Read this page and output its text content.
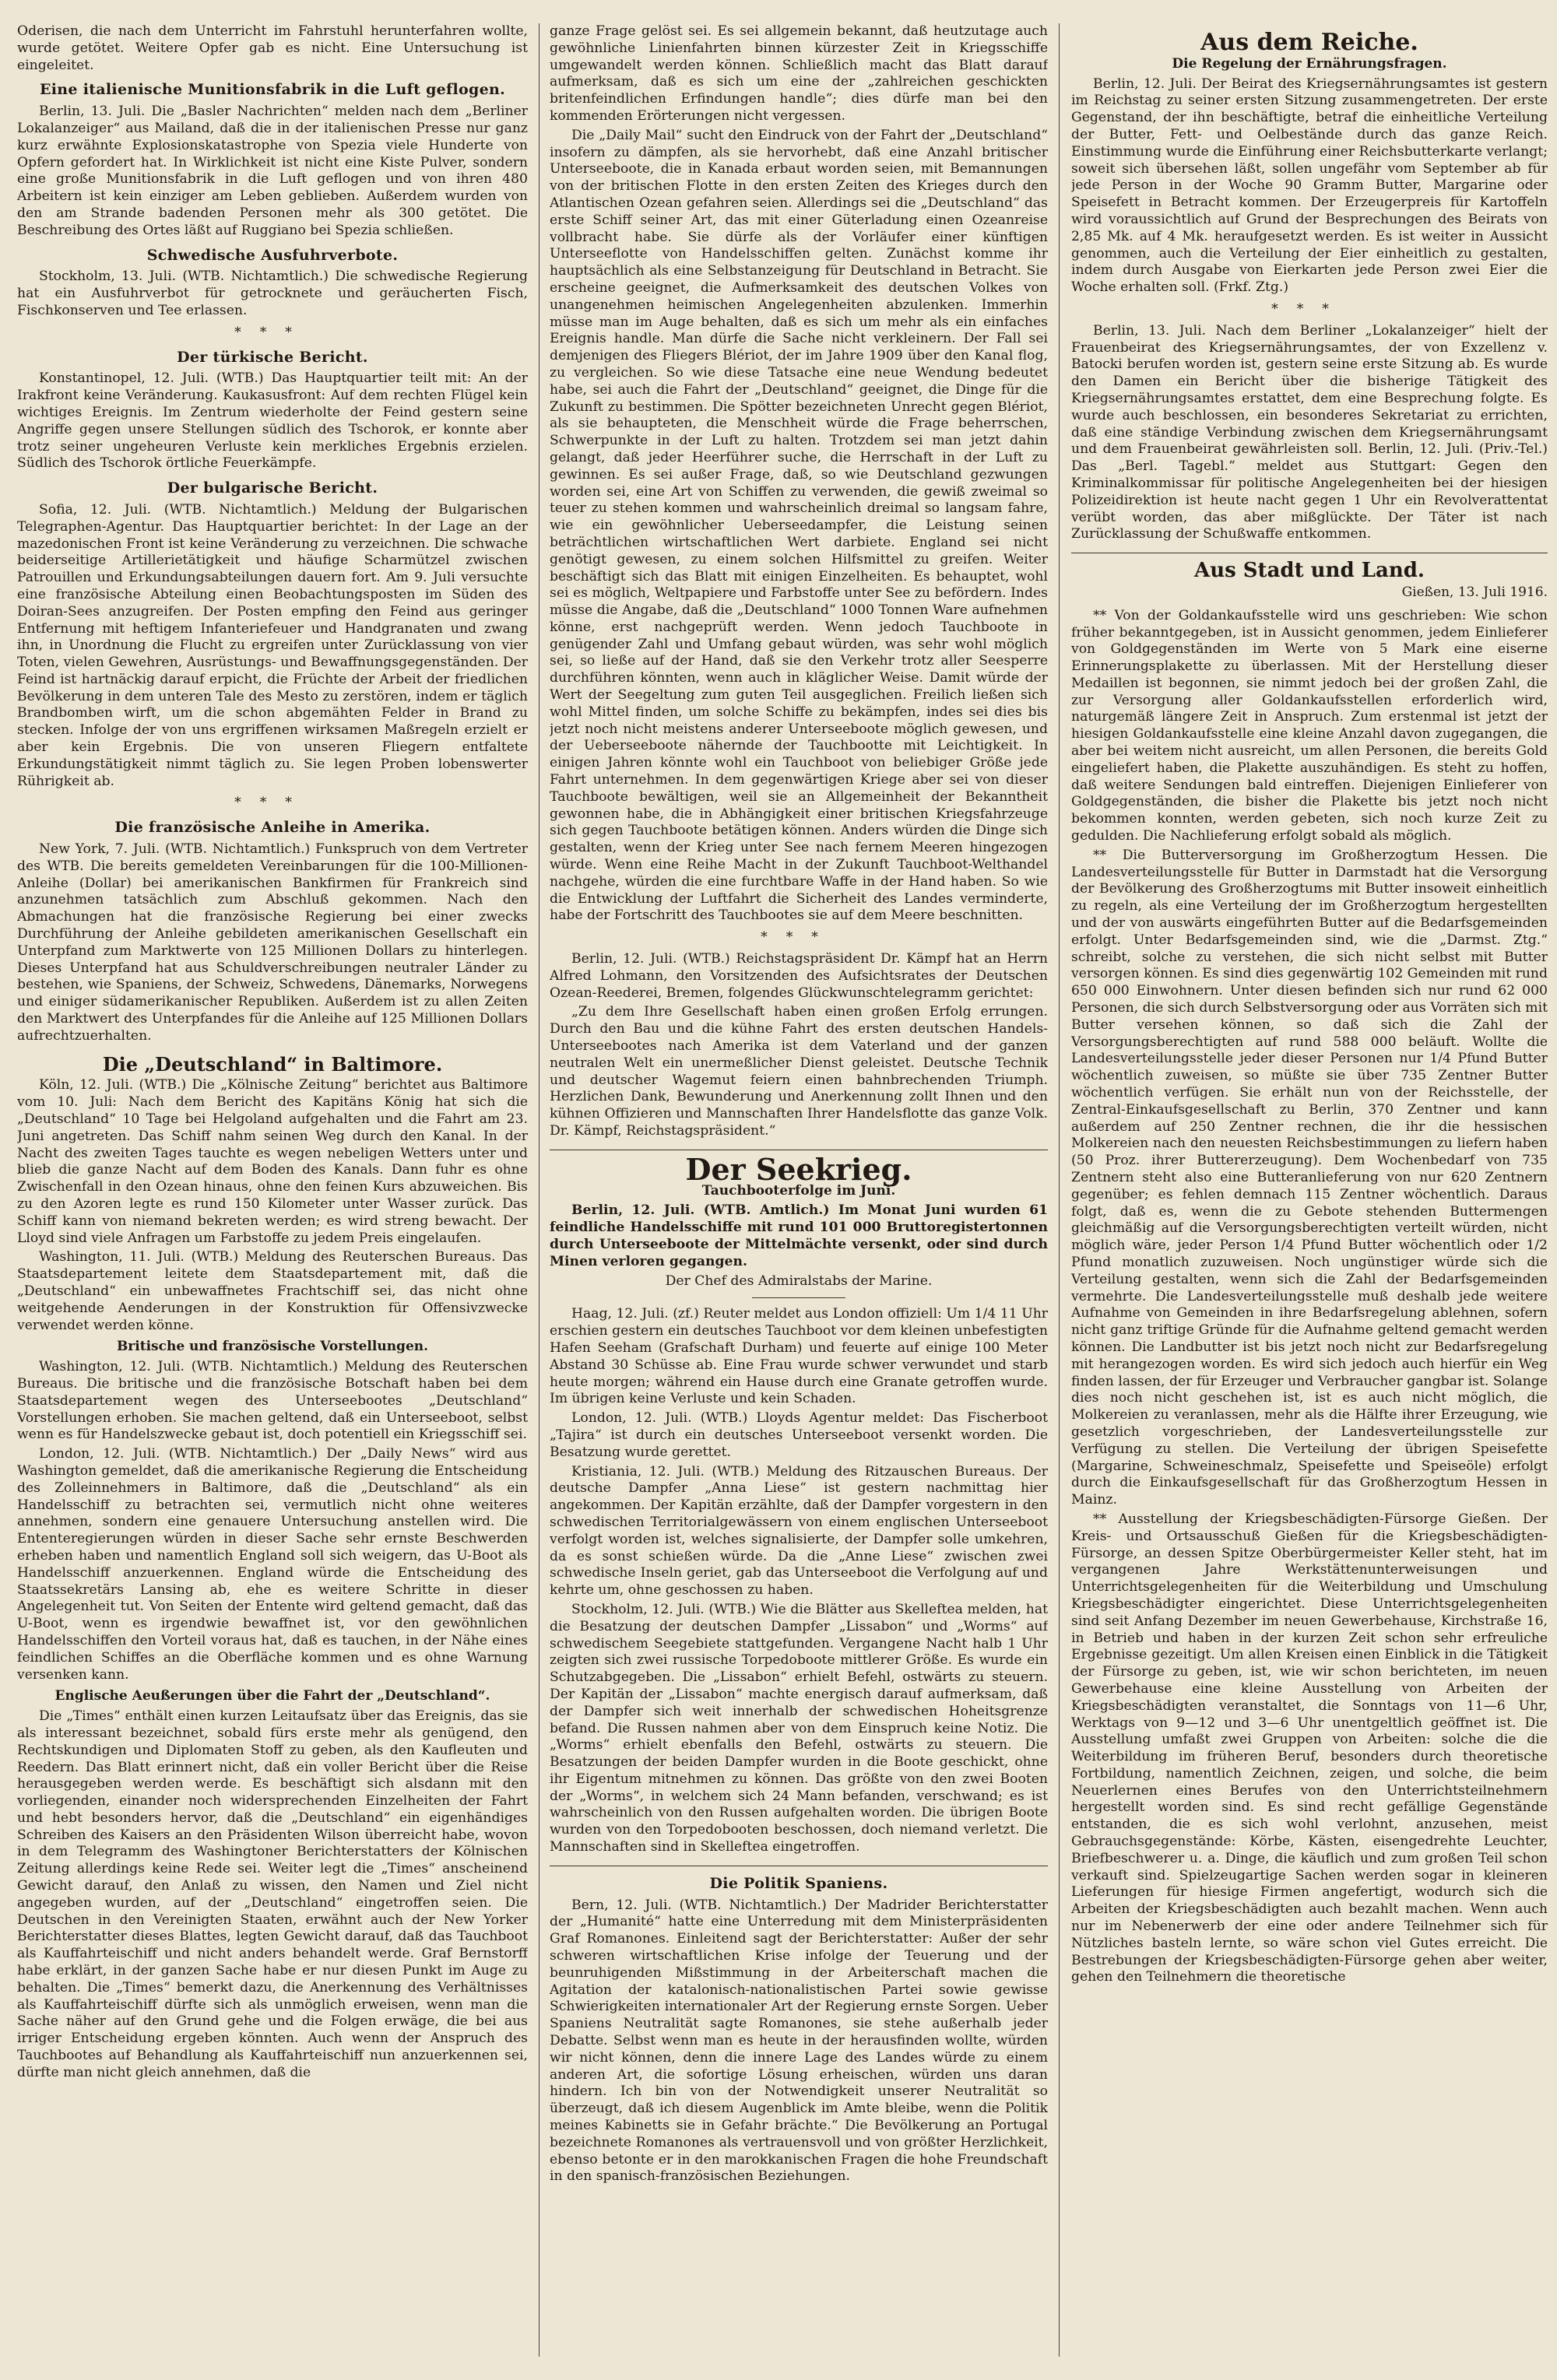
Oderisen, die nach dem Unterricht im Fahrstuhl herunterfahren wollte, wurde getötet. Weitere Opfer gab es nicht. Eine Untersuchung ist eingeleitet.

Eine italienische Munitionsfabrik in die Luft geflogen.

Berlin, 13. Juli. Die „Basler Nachrichten“ melden nach dem „Berliner Lokalanzeiger“ aus Mailand, daß die in der italienischen Presse nur ganz kurz erwähnte Explosionskatastrophe von Spezia viele Hunderte von Opfern gefordert hat. In Wirklichkeit ist nicht eine Kiste Pulver, sondern eine große Munitionsfabrik in die Luft geflogen und von ihren 480 Arbeitern ist kein einziger am Leben geblieben. Außerdem wurden von den am Strande badenden Personen mehr als 300 getötet. Die Beschreibung des Ortes läßt auf Ruggiano bei Spezia schließen.

Schwedische Ausfuhrverbote.

Stockholm, 13. Juli. (WTB. Nichtamtlich.) Die schwedische Regierung hat ein Ausfuhrverbot für getrocknete und geräucherten Fisch, Fischkonserven und Tee erlassen.

***
Der türkische Bericht.

Konstantinopel, 12. Juli. (WTB.) Das Hauptquartier teilt mit: An der Irakfront keine Veränderung. Kaukasusfront: Auf dem rechten Flügel kein wichtiges Ereignis. Im Zentrum wiederholte der Feind gestern seine Angriffe gegen unsere Stellungen südlich des Tschorok, er konnte aber trotz seiner ungeheuren Verluste kein merkliches Ergebnis erzielen. Südlich des Tschorok örtliche Feuerkämpfe.

Der bulgarische Bericht.

Sofia, 12. Juli. (WTB. Nichtamtlich.) Meldung der Bulgarischen Telegraphen-Agentur. Das Hauptquartier berichtet: In der Lage an der mazedonischen Front ist keine Veränderung zu verzeichnen. Die schwache beiderseitige Artillerietätigkeit und häufige Scharmützel zwischen Patrouillen und Erkundungsabteilungen dauern fort. Am 9. Juli versuchte eine französische Abteilung einen Beobachtungsposten im Süden des Doiran-Sees anzugreifen. Der Posten empfing den Feind aus geringer Entfernung mit heftigem Infanteriefeuer und Handgranaten und zwang ihn, in Unordnung die Flucht zu ergreifen unter Zurücklassung von vier Toten, vielen Gewehren, Ausrüstungs- und Bewaffnungsgegenständen. Der Feind ist hartnäckig darauf erpicht, die Früchte der Arbeit der friedlichen Bevölkerung in dem unteren Tale des Mesto zu zerstören, indem er täglich Brandbomben wirft, um die schon abgemähten Felder in Brand zu stecken. Infolge der von uns ergriffenen wirksamen Maßregeln erzielt er aber kein Ergebnis. Die von unseren Fliegern entfaltete Erkundungstätigkeit nimmt täglich zu. Sie legen Proben lobenswerter Rührigkeit ab.

***
Die französische Anleihe in Amerika.

New York, 7. Juli. (WTB. Nichtamtlich.) Funkspruch von dem Vertreter des WTB. Die bereits gemeldeten Vereinbarungen für die 100-Millionen-Anleihe (Dollar) bei amerikanischen Bankfirmen für Frankreich sind anzunehmen tatsächlich zum Abschluß gekommen. Nach den Abmachungen hat die französische Regierung bei einer zwecks Durchführung der Anleihe gebildeten amerikanischen Gesellschaft ein Unterpfand zum Marktwerte von 125 Millionen Dollars zu hinterlegen. Dieses Unterpfand hat aus Schuldverschreibungen neutraler Länder zu bestehen, wie Spaniens, der Schweiz, Schwedens, Dänemarks, Norwegens und einiger südamerikanischer Republiken. Außerdem ist zu allen Zeiten den Marktwert des Unterpfandes für die Anleihe auf 125 Millionen Dollars aufrechtzuerhalten.

Die „Deutschland“ in Baltimore.

Köln, 12. Juli. (WTB.) Die „Kölnische Zeitung“ berichtet aus Baltimore vom 10. Juli: Nach dem Bericht des Kapitäns König hat sich die „Deutschland“ 10 Tage bei Helgoland aufgehalten und die Fahrt am 23. Juni angetreten. Das Schiff nahm seinen Weg durch den Kanal. In der Nacht des zweiten Tages tauchte es wegen nebeligen Wetters unter und blieb die ganze Nacht auf dem Boden des Kanals. Dann fuhr es ohne Zwischenfall in den Ozean hinaus, ohne den feinen Kurs abzuweichen. Bis zu den Azoren legte es rund 150 Kilometer unter Wasser zurück. Das Schiff kann von niemand bekreten werden; es wird streng bewacht. Der Lloyd sind viele Anfragen um Farbstoffe zu jedem Preis eingelaufen.

Washington, 11. Juli. (WTB.) Meldung des Reuterschen Bureaus. Das Staatsdepartement leitete dem Staatsdepartement mit, daß die „Deutschland“ ein unbewaffnetes Frachtschiff sei, das nicht ohne weitgehende Aenderungen in der Konstruktion für Offensivzwecke verwendet werden könne.

Britische und französische Vorstellungen.

Washington, 12. Juli. (WTB. Nichtamtlich.) Meldung des Reuterschen Bureaus. Die britische und die französische Botschaft haben bei dem Staatsdepartement wegen des Unterseebootes „Deutschland“ Vorstellungen erhoben. Sie machen geltend, daß ein Unterseeboot, selbst wenn es für Handelszwecke gebaut ist, doch potentiell ein Kriegsschiff sei.

London, 12. Juli. (WTB. Nichtamtlich.) Der „Daily News“ wird aus Washington gemeldet, daß die amerikanische Regierung die Entscheidung des Zolleinnehmers in Baltimore, daß die „Deutschland“ als ein Handelsschiff zu betrachten sei, vermutlich nicht ohne weiteres annehmen, sondern eine genauere Untersuchung anstellen wird. Die Ententeregierungen würden in dieser Sache sehr ernste Beschwerden erheben haben und namentlich England soll sich weigern, das U-Boot als Handelsschiff anzuerkennen. England würde die Entscheidung des Staatssekretärs Lansing ab, ehe es weitere Schritte in dieser Angelegenheit tut. Von Seiten der Entente wird geltend gemacht, daß das U-Boot, wenn es irgendwie bewaffnet ist, vor den gewöhnlichen Handelsschiffen den Vorteil voraus hat, daß es tauchen, in der Nähe eines feindlichen Schiffes an die Oberfläche kommen und es ohne Warnung versenken kann.

Englische Aeußerungen über die Fahrt der „Deutschland“.

Die „Times“ enthält einen kurzen Leitaufsatz über das Ereignis, das sie als interessant bezeichnet, sobald fürs erste mehr als genügend, den Rechtskundigen und Diplomaten Stoff zu geben, als den Kaufleuten und Reedern. Das Blatt erinnert nicht, daß ein voller Bericht über die Reise herausgegeben werden werde. Es beschäftigt sich alsdann mit den vorliegenden, einander noch widersprechenden Einzelheiten der Fahrt und hebt besonders hervor, daß die „Deutschland“ ein eigenhändiges Schreiben des Kaisers an den Präsidenten Wilson überreicht habe, wovon in dem Telegramm des Washingtoner Berichterstatters der Kölnischen Zeitung allerdings keine Rede sei. Weiter legt die „Times“ anscheinend Gewicht darauf, den Anlaß zu wissen, den Namen und Ziel nicht angegeben wurden, auf der „Deutschland“ eingetroffen seien. Die Deutschen in den Vereinigten Staaten, erwähnt auch der New Yorker Berichterstatter dieses Blattes, legten Gewicht darauf, daß das Tauchboot als Kauffahrteischiff und nicht anders behandelt werde. Graf Bernstorff habe erklärt, in der ganzen Sache habe er nur diesen Punkt im Auge zu behalten. Die „Times“ bemerkt dazu, die Anerkennung des Verhältnisses als Kauffahrteischiff dürfte sich als unmöglich erweisen, wenn man die Sache näher auf den Grund gehe und die Folgen erwäge, die bei aus irriger Entscheidung ergeben könnten. Auch wenn der Anspruch des Tauchbootes auf Behandlung als Kauffahrteischiff nun anzuerkennen sei, dürfte man nicht gleich annehmen, daß die

ganze Frage gelöst sei. Es sei allgemein bekannt, daß heutzutage auch gewöhnliche Linienfahrten binnen kürzester Zeit in Kriegsschiffe umgewandelt werden können. Schließlich macht das Blatt darauf aufmerksam, daß es sich um eine der „zahlreichen geschickten britenfeindlichen Erfindungen handle“; dies dürfe man bei den kommenden Erörterungen nicht vergessen.

Die „Daily Mail“ sucht den Eindruck von der Fahrt der „Deutschland“ insofern zu dämpfen, als sie hervorhebt, daß eine Anzahl britischer Unterseeboote, die in Kanada erbaut worden seien, mit Bemannungen von der britischen Flotte in den ersten Zeiten des Krieges durch den Atlantischen Ozean gefahren seien. Allerdings sei die „Deutschland“ das erste Schiff seiner Art, das mit einer Güterladung einen Ozeanreise vollbracht habe. Sie dürfe als der Vorläufer einer künftigen Unterseeflotte von Handelsschiffen gelten. Zunächst komme ihr hauptsächlich als eine Selbstanzeigung für Deutschland in Betracht. Sie erscheine geeignet, die Aufmerksamkeit des deutschen Volkes von unangenehmen heimischen Angelegenheiten abzulenken. Immerhin müsse man im Auge behalten, daß es sich um mehr als ein einfaches Ereignis handle. Man dürfe die Sache nicht verkleinern. Der Fall sei demjenigen des Fliegers Blériot, der im Jahre 1909 über den Kanal flog, zu vergleichen. So wie diese Tatsache eine neue Wendung bedeutet habe, sei auch die Fahrt der „Deutschland“ geeignet, die Dinge für die Zukunft zu bestimmen. Die Spötter bezeichneten Unrecht gegen Blériot, als sie behaupteten, die Menschheit würde die Frage beherrschen, Schwerpunkte in der Luft zu halten. Trotzdem sei man jetzt dahin gelangt, daß jeder Heerführer suche, die Herrschaft in der Luft zu gewinnen. Es sei außer Frage, daß, so wie Deutschland gezwungen worden sei, eine Art von Schiffen zu verwenden, die gewiß zweimal so teuer zu stehen kommen und wahrscheinlich dreimal so langsam fahre, wie ein gewöhnlicher Ueberseedampfer, die Leistung seinen beträchtlichen wirtschaftlichen Wert darbiete. England sei nicht genötigt gewesen, zu einem solchen Hilfsmittel zu greifen. Weiter beschäftigt sich das Blatt mit einigen Einzelheiten. Es behauptet, wohl sei es möglich, Weltpapiere und Farbstoffe unter See zu befördern. Indes müsse die Angabe, daß die „Deutschland“ 1000 Tonnen Ware aufnehmen könne, erst nachgeprüft werden. Wenn jedoch Tauchboote in genügender Zahl und Umfang gebaut würden, was sehr wohl möglich sei, so ließe auf der Hand, daß sie den Verkehr trotz aller Seesperre durchführen könnten, wenn auch in kläglicher Weise. Damit würde der Wert der Seegeltung zum guten Teil ausgeglichen. Freilich ließen sich wohl Mittel finden, um solche Schiffe zu bekämpfen, indes sei dies bis jetzt noch nicht meistens anderer Unterseeboote möglich gewesen, und der Ueberseeboote nähernde der Tauchbootte mit Leichtigkeit. In einigen Jahren könnte wohl ein Tauchboot von beliebiger Größe jede Fahrt unternehmen. In dem gegenwärtigen Kriege aber sei von dieser Tauchboote bewältigen, weil sie an Allgemeinheit der Bekanntheit gewonnen habe, die in Abhängigkeit einer britischen Kriegsfahrzeuge sich gegen Tauchboote betätigen können. Anders würden die Dinge sich gestalten, wenn der Krieg unter See nach fernem Meeren hingezogen würde. Wenn eine Reihe Macht in der Zukunft Tauchboot-Welthandel nachgehe, würden die eine furchtbare Waffe in der Hand haben. So wie die Entwicklung der Luftfahrt die Sicherheit des Landes verminderte, habe der Fortschritt des Tauchbootes sie auf dem Meere beschnitten.

***

Berlin, 12. Juli. (WTB.) Reichstagspräsident Dr. Kämpf hat an Herrn Alfred Lohmann, den Vorsitzenden des Aufsichtsrates der Deutschen Ozean-Reederei, Bremen, folgendes Glückwunschtelegramm gerichtet:

„Zu dem Ihre Gesellschaft haben einen großen Erfolg errungen. Durch den Bau und die kühne Fahrt des ersten deutschen Handels-Unterseebootes nach Amerika ist dem Vaterland und der ganzen neutralen Welt ein unermeßlicher Dienst geleistet. Deutsche Technik und deutscher Wagemut feiern einen bahnbrechenden Triumph. Herzlichen Dank, Bewunderung und Anerkennung zollt Ihnen und den kühnen Offizieren und Mannschaften Ihrer Handelsflotte das ganze Volk. Dr. Kämpf, Reichstagspräsident.“

Der Seekrieg.
Tauchbooterfolge im Juni.

Berlin, 12. Juli. (WTB. Amtlich.) Im Monat Juni wurden 61 feindliche Handelsschiffe mit rund 101 000 Bruttoregistertonnen durch Unterseeboote der Mittelmächte versenkt, oder sind durch Minen verloren gegangen.

Der Chef des Admiralstabs der Marine.

Haag, 12. Juli. (zf.) Reuter meldet aus London offiziell: Um 1/4 11 Uhr erschien gestern ein deutsches Tauchboot vor dem kleinen unbefestigten Hafen Seeham (Grafschaft Durham) und feuerte auf einige 100 Meter Abstand 30 Schüsse ab. Eine Frau wurde schwer verwundet und starb heute morgen; während ein Hause durch eine Granate getroffen wurde. Im übrigen keine Verluste und kein Schaden.

London, 12. Juli. (WTB.) Lloyds Agentur meldet: Das Fischerboot „Tajira“ ist durch ein deutsches Unterseeboot versenkt worden. Die Besatzung wurde gerettet.

Kristiania, 12. Juli. (WTB.) Meldung des Ritzauschen Bureaus. Der deutsche Dampfer „Anna Liese“ ist gestern nachmittag hier angekommen. Der Kapitän erzählte, daß der Dampfer vorgestern in den schwedischen Territorialgewässern von einem englischen Unterseeboot verfolgt worden ist, welches signalisierte, der Dampfer solle umkehren, da es sonst schießen würde. Da die „Anne Liese“ zwischen zwei schwedische Inseln geriet, gab das Unterseeboot die Verfolgung auf und kehrte um, ohne geschossen zu haben.

Stockholm, 12. Juli. (WTB.) Wie die Blätter aus Skelleftea melden, hat die Besatzung der deutschen Dampfer „Lissabon“ und „Worms“ auf schwedischem Seegebiete stattgefunden. Vergangene Nacht halb 1 Uhr zeigten sich zwei russische Torpedoboote mittlerer Größe. Es wurde ein Schutzabgegeben. Die „Lissabon“ erhielt Befehl, ostwärts zu steuern. Der Kapitän der „Lissabon“ machte energisch darauf aufmerksam, daß der Dampfer sich weit innerhalb der schwedischen Hoheitsgrenze befand. Die Russen nahmen aber von dem Einspruch keine Notiz. Die „Worms“ erhielt ebenfalls den Befehl, ostwärts zu steuern. Die Besatzungen der beiden Dampfer wurden in die Boote geschickt, ohne ihr Eigentum mitnehmen zu können. Das größte von den zwei Booten der „Worms“, in welchem sich 24 Mann befanden, verschwand; es ist wahrscheinlich von den Russen aufgehalten worden. Die übrigen Boote wurden von den Torpedobooten beschossen, doch niemand verletzt. Die Mannschaften sind in Skelleftea eingetroffen.

Die Politik Spaniens.

Bern, 12. Juli. (WTB. Nichtamtlich.) Der Madrider Berichterstatter der „Humanité“ hatte eine Unterredung mit dem Ministerpräsidenten Graf Romanones. Einleitend sagt der Berichterstatter: Außer der sehr schweren wirtschaftlichen Krise infolge der Teuerung und der beunruhigenden Mißstimmung in der Arbeiterschaft machen die Agitation der katalonisch-nationalistischen Partei sowie gewisse Schwierigkeiten internationaler Art der Regierung ernste Sorgen. Ueber Spaniens Neutralität sagte Romanones, sie stehe außerhalb jeder Debatte. Selbst wenn man es heute in der herausfinden wollte, würden wir nicht können, denn die innere Lage des Landes würde zu einem anderen Art, die sofortige Lösung erheischen, würden uns daran hindern. Ich bin von der Notwendigkeit unserer Neutralität so überzeugt, daß ich diesem Augenblick im Amte bleibe, wenn die Politik meines Kabinetts sie in Gefahr brächte.“ Die Bevölkerung an Portugal bezeichnete Romanones als vertrauensvoll und von größter Herzlichkeit, ebenso betonte er in den marokkanischen Fragen die hohe Freundschaft in den spanisch-französischen Beziehungen.

Aus dem Reiche.
Die Regelung der Ernährungsfragen.

Berlin, 12. Juli. Der Beirat des Kriegsernährungsamtes ist gestern im Reichstag zu seiner ersten Sitzung zusammengetreten. Der erste Gegenstand, der ihn beschäftigte, betraf die einheitliche Verteilung der Butter, Fett- und Oelbestände durch das ganze Reich. Einstimmung wurde die Einführung einer Reichsbutterkarte verlangt; soweit sich übersehen läßt, sollen ungefähr vom September ab für jede Person in der Woche 90 Gramm Butter, Margarine oder Speisefett in Betracht kommen. Der Erzeugerpreis für Kartoffeln wird voraussichtlich auf Grund der Besprechungen des Beirats von 2,85 Mk. auf 4 Mk. heraufgesetzt werden. Es ist weiter in Aussicht genommen, auch die Verteilung der Eier einheitlich zu gestalten, indem durch Ausgabe von Eierkarten jede Person zwei Eier die Woche erhalten soll. (Frkf. Ztg.)

***

Berlin, 13. Juli. Nach dem Berliner „Lokalanzeiger“ hielt der Frauenbeirat des Kriegsernährungsamtes, der von Exzellenz v. Batocki berufen worden ist, gestern seine erste Sitzung ab. Es wurde den Damen ein Bericht über die bisherige Tätigkeit des Kriegsernährungsamtes erstattet, dem eine Besprechung folgte. Es wurde auch beschlossen, ein besonderes Sekretariat zu errichten, daß eine ständige Verbindung zwischen dem Kriegsernährungsamt und dem Frauenbeirat gewährleisten soll. Berlin, 12. Juli. (Priv.-Tel.) Das „Berl. Tagebl.“ meldet aus Stuttgart: Gegen den Kriminalkommissar für politische Angelegenheiten bei der hiesigen Polizeidirektion ist heute nacht gegen 1 Uhr ein Revolverattentat verübt worden, das aber mißglückte. Der Täter ist nach Zurücklassung der Schußwaffe entkommen.

Aus Stadt und Land.
Gießen, 13. Juli 1916.

** Von der Goldankaufsstelle wird uns geschrieben: Wie schon früher bekanntgegeben, ist in Aussicht genommen, jedem Einlieferer von Goldgegenständen im Werte von 5 Mark eine eiserne Erinnerungsplakette zu überlassen. Mit der Herstellung dieser Medaillen ist begonnen, sie nimmt jedoch bei der großen Zahl, die zur Versorgung aller Goldankaufsstellen erforderlich wird, naturgemäß längere Zeit in Anspruch. Zum erstenmal ist jetzt der hiesigen Goldankaufsstelle eine kleine Anzahl davon zugegangen, die aber bei weitem nicht ausreicht, um allen Personen, die bereits Gold eingeliefert haben, die Plakette auszuhändigen. Es steht zu hoffen, daß weitere Sendungen bald eintreffen. Diejenigen Einlieferer von Goldgegenständen, die bisher die Plakette bis jetzt noch nicht bekommen konnten, werden gebeten, sich noch kurze Zeit zu gedulden. Die Nachlieferung erfolgt sobald als möglich.

** Die Butterversorgung im Großherzogtum Hessen. Die Landesverteilungsstelle für Butter in Darmstadt hat die Versorgung der Bevölkerung des Großherzogtums mit Butter insoweit einheitlich zu regeln, als eine Verteilung der im Großherzogtum hergestellten und der von auswärts eingeführten Butter auf die Bedarfsgemeinden erfolgt. Unter Bedarfsgemeinden sind, wie die „Darmst. Ztg.“ schreibt, solche zu verstehen, die sich nicht selbst mit Butter versorgen können. Es sind dies gegenwärtig 102 Gemeinden mit rund 650 000 Einwohnern. Unter diesen befinden sich nur rund 62 000 Personen, die sich durch Selbstversorgung oder aus Vorräten sich mit Butter versehen können, so daß sich die Zahl der Versorgungsberechtigten auf rund 588 000 beläuft. Wollte die Landesverteilungsstelle jeder dieser Personen nur 1/4 Pfund Butter wöchentlich zuweisen, so müßte sie über 735 Zentner Butter wöchentlich verfügen. Sie erhält nun von der Reichsstelle, der Zentral-Einkaufsgesellschaft zu Berlin, 370 Zentner und kann außerdem auf 250 Zentner rechnen, die ihr die hessischen Molkereien nach den neuesten Reichsbestimmungen zu liefern haben (50 Proz. ihrer Buttererzeugung). Dem Wochenbedarf von 735 Zentnern steht also eine Butteranlieferung von nur 620 Zentnern gegenüber; es fehlen demnach 115 Zentner wöchentlich. Daraus folgt, daß es, wenn die zu Gebote stehenden Buttermengen gleichmäßig auf die Versorgungsberechtigten verteilt würden, nicht möglich wäre, jeder Person 1/4 Pfund Butter wöchentlich oder 1/2 Pfund monatlich zuzuweisen. Noch ungünstiger würde sich die Verteilung gestalten, wenn sich die Zahl der Bedarfsgemeinden vermehrte. Die Landesverteilungsstelle muß deshalb jede weitere Aufnahme von Gemeinden in ihre Bedarfsregelung ablehnen, sofern nicht ganz triftige Gründe für die Aufnahme geltend gemacht werden können. Die Landbutter ist bis jetzt noch nicht zur Bedarfsregelung mit herangezogen worden. Es wird sich jedoch auch hierfür ein Weg finden lassen, der für Erzeuger und Verbraucher gangbar ist. Solange dies noch nicht geschehen ist, ist es auch nicht möglich, die Molkereien zu veranlassen, mehr als die Hälfte ihrer Erzeugung, wie gesetzlich vorgeschrieben, der Landesverteilungsstelle zur Verfügung zu stellen. Die Verteilung der übrigen Speisefette (Margarine, Schweineschmalz, Speisefette und Speiseöle) erfolgt durch die Einkaufsgesellschaft für das Großherzogtum Hessen in Mainz.

** Ausstellung der Kriegsbeschädigten-Fürsorge Gießen. Der Kreis- und Ortsausschuß Gießen für die Kriegsbeschädigten-Fürsorge, an dessen Spitze Oberbürgermeister Keller steht, hat im vergangenen Jahre Werkstättenunterweisungen und Unterrichtsgelegenheiten für die Weiterbildung und Umschulung Kriegsbeschädigter eingerichtet. Diese Unterrichtsgelegenheiten sind seit Anfang Dezember im neuen Gewerbehause, Kirchstraße 16, in Betrieb und haben in der kurzen Zeit schon sehr erfreuliche Ergebnisse gezeitigt. Um allen Kreisen einen Einblick in die Tätigkeit der Fürsorge zu geben, ist, wie wir schon berichteten, im neuen Gewerbehause eine kleine Ausstellung von Arbeiten der Kriegsbeschädigten veranstaltet, die Sonntags von 11—6 Uhr, Werktags von 9—12 und 3—6 Uhr unentgeltlich geöffnet ist. Die Ausstellung umfaßt zwei Gruppen von Arbeiten: solche die die Weiterbildung im früheren Beruf, besonders durch theoretische Fortbildung, namentlich Zeichnen, zeigen, und solche, die beim Neuerlernen eines Berufes von den Unterrichtsteilnehmern hergestellt worden sind. Es sind recht gefällige Gegenstände entstanden, die es sich wohl verlohnt, anzusehen, meist Gebrauchsgegenstände: Körbe, Kästen, eisengedrehte Leuchter, Briefbeschwerer u. a. Dinge, die käuflich und zum großen Teil schon verkauft sind. Spielzeugartige Sachen werden sogar in kleineren Lieferungen für hiesige Firmen angefertigt, wodurch sich die Arbeiten der Kriegsbeschädigten auch bezahlt machen. Wenn auch nur im Nebenerwerb der eine oder andere Teilnehmer sich für Nützliches basteln lernte, so wäre schon viel Gutes erreicht. Die Bestrebungen der Kriegsbeschädigten-Fürsorge gehen aber weiter, gehen den Teilnehmern die theoretische
